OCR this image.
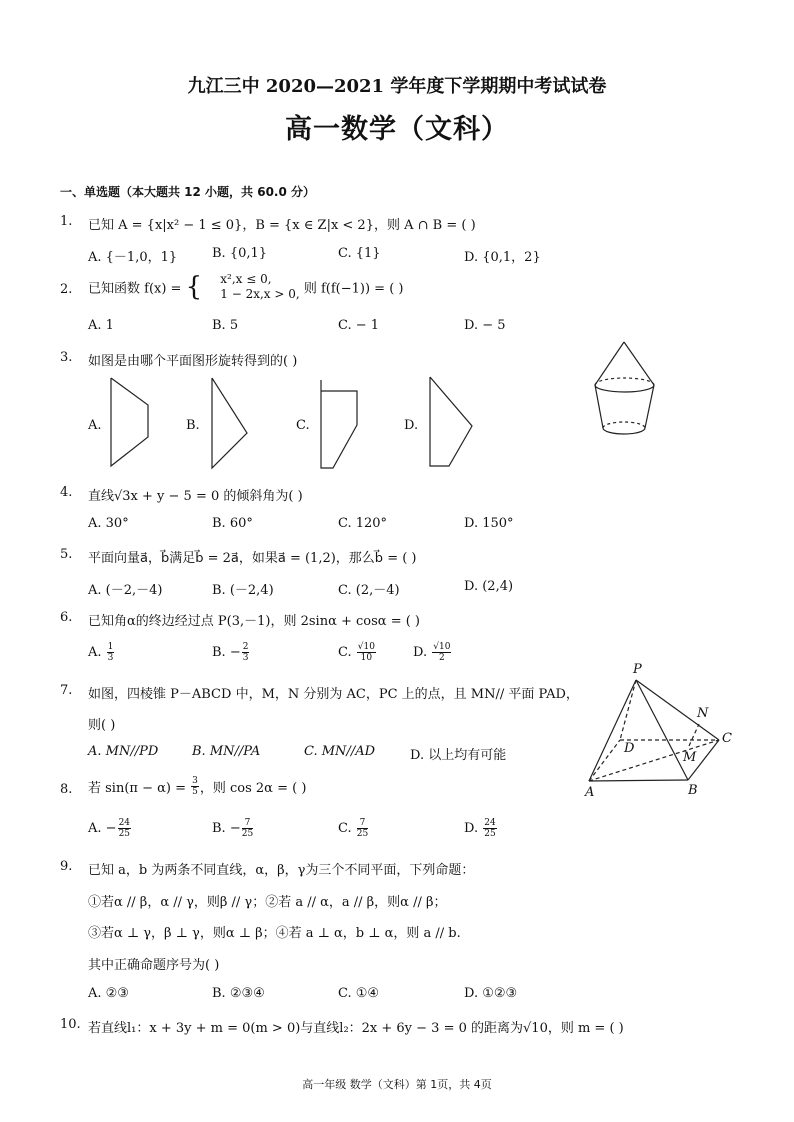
九江三中 2020—2021 学年度下学期期中考试试卷
高一数学（文科）
一、单选题（本大题共 12 小题，共 60.0 分）
1. 已知 A = {x|x² − 1 ≤ 0}，B = {x ∈ Z|x < 2}，则 A ∩ B = ( )
A. {－1,0，1}	B. {0,1}	C. {1}	D. {0,1，2}
2. 已知函数 f(x) = { x²,x ≤ 0,
1 − 2x,x > 0, 则 f(f(−1)) = ( )
A. 1	B. 5	C. − 1	D. − 5
3. 如图是由哪个平面图形旋转得到的( )
A.	B.	C.	D.
P
N
C
D
M
A	B
4. 直线√3x + y − 5 = 0 的倾斜角为( )
A. 30°	B. 60°	C. 120°	D. 150°
5. 平面向量a⃗，b⃗满足b⃗ = 2a⃗，如果a⃗ = (1,2)，那么b⃗ = ( )
A. (－2,－4)	B. (－2,4)	C. (2,－4)	D. (2,4)
6. 已知角α的终边经过点 P(3,－1)，则 2sinα + cosα = ( )
A. $\frac{1}{3}$	B. − $\frac{2}{3}$	C. $\frac{√10}{10}$	D. $\frac{√10}{2}$
7. 如图，四棱锥 P－ABCD 中，M，N 分别为 AC，PC 上的点，且 MN// 平面 PAD，
则( )
A. MN//PD	B. MN//PA	C. MN//AD	D. 以上均有可能
8. 若 $\sin(\pi - \alpha) = \frac{3}{5}$ ，则 cos 2α = ( )
A. − $\frac{24}{25}$	B. − $\frac{7}{25}$	C. $\frac{7}{25}$	D. $\frac{24}{25}$
9. 已知 a，b 为两条不同直线，α，β，γ为三个不同平面，下列命题：
①若α // β，α // γ，则β // γ；②若 a // α，a // β，则α // β；
③若α ⊥ γ，β ⊥ γ，则α ⊥ β；④若 a ⊥ α，b ⊥ α，则 a // b.
其中正确命题序号为( )
A. ②③	B. ②③④	C. ①④	D. ①②③
10. 若直线l₁：x + 3y + m = 0(m > 0)与直线l₂：2x + 6y − 3 = 0 的距离为√10，则 m = ( )
高一年级 数学（文科）第 1页，共 4页
